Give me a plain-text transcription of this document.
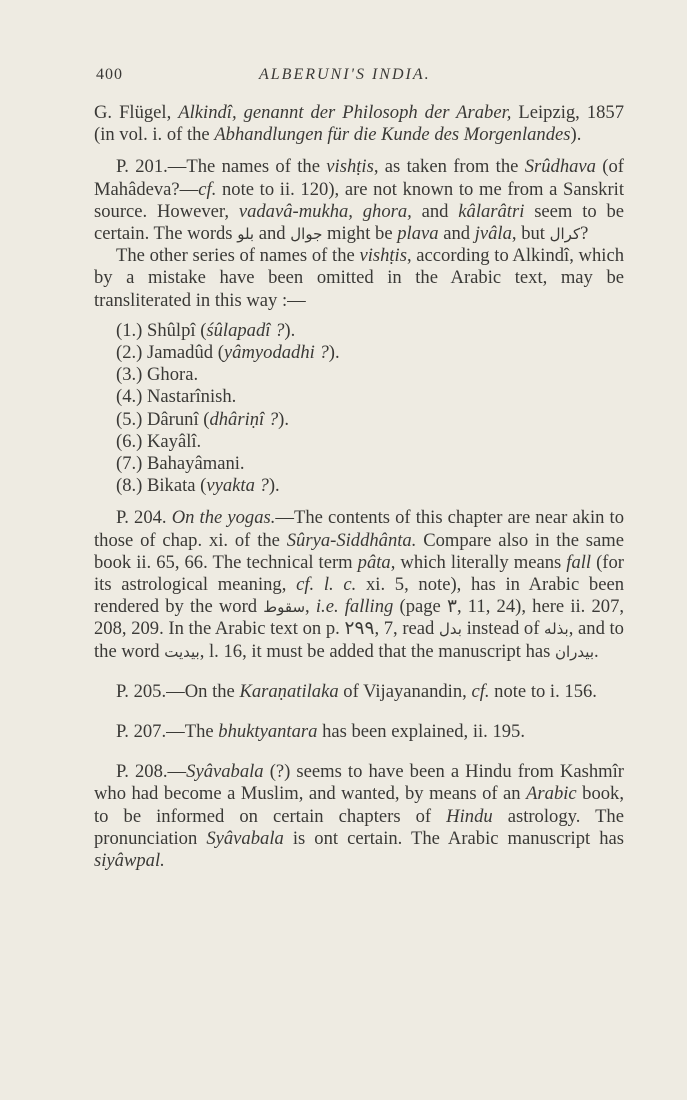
400	ALBERUNI'S INDIA.

G. Flügel, Alkindî, genannt der Philosoph der Araber, Leipzig, 1857 (in vol. i. of the Abhandlungen für die Kunde des Morgenlandes).

P. 201.—The names of the vishṭis, as taken from the Srûdhava (of Mahâdeva?—cf. note to ii. 120), are not known to me from a Sanskrit source. However, vadavâ-mukha, ghora, and kâlarâtri seem to be certain. The words بلو and جوال might be plava and jvâla, but كرال?

The other series of names of the vishṭis, according to Alkindî, which by a mistake have been omitted in the Arabic text, may be transliterated in this way :—

(1.) Shûlpî (śûlapadî ?).
(2.) Jamadûd (yâmyodadhi ?).
(3.) Ghora.
(4.) Nastarînish.
(5.) Dârunî (dhâriṇî ?).
(6.) Kayâlî.
(7.) Bahayâmani.
(8.) Bikata (vyakta ?).

P. 204. On the yogas.—The contents of this chapter are near akin to those of chap. xi. of the Sûrya-Siddhânta. Compare also in the same book ii. 65, 66. The technical term pâta, which literally means fall (for its astrological meaning, cf. l. c. xi. 5, note), has in Arabic been rendered by the word سقوط, i.e. falling (page ٣, 11, 24), here ii. 207, 208, 209. In the Arabic text on p. ٢٩٩, 7, read بدل instead of بذله, and to the word بيديت, l. 16, it must be added that the manuscript has بيدران.

P. 205.—On the Karaṇatilaka of Vijayanandin, cf. note to i. 156.

P. 207.—The bhuktyantara has been explained, ii. 195.

P. 208.—Syâvabala (?) seems to have been a Hindu from Kashmîr who had become a Muslim, and wanted, by means of an Arabic book, to be informed on certain chapters of Hindu astrology. The pronunciation Syâvabala is ont certain. The Arabic manuscript has siyâwpal.
